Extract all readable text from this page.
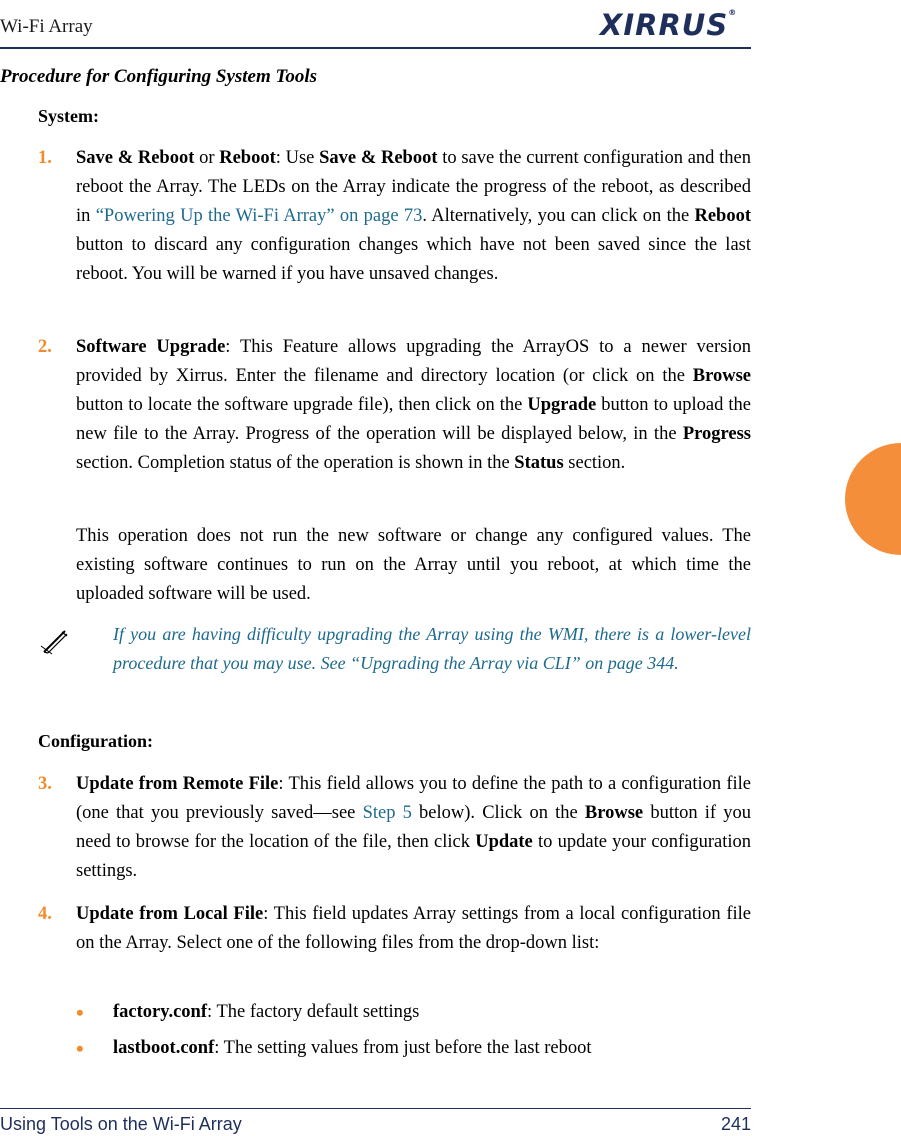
Wi-Fi Array	XIRRUS®
Procedure for Configuring System Tools
System:
1. Save & Reboot or Reboot: Use Save & Reboot to save the current configuration and then reboot the Array. The LEDs on the Array indicate the progress of the reboot, as described in “Powering Up the Wi-Fi Array” on page 73. Alternatively, you can click on the Reboot button to discard any configuration changes which have not been saved since the last reboot. You will be warned if you have unsaved changes.
2. Software Upgrade: This Feature allows upgrading the ArrayOS to a newer version provided by Xirrus. Enter the filename and directory location (or click on the Browse button to locate the software upgrade file), then click on the Upgrade button to upload the new file to the Array. Progress of the operation will be displayed below, in the Progress section. Completion status of the operation is shown in the Status section.
This operation does not run the new software or change any configured values. The existing software continues to run on the Array until you reboot, at which time the uploaded software will be used.
If you are having difficulty upgrading the Array using the WMI, there is a lower-level procedure that you may use. See “Upgrading the Array via CLI” on page 344.
Configuration:
3. Update from Remote File: This field allows you to define the path to a configuration file (one that you previously saved—see Step 5 below). Click on the Browse button if you need to browse for the location of the file, then click Update to update your configuration settings.
4. Update from Local File: This field updates Array settings from a local configuration file on the Array. Select one of the following files from the drop-down list:
• factory.conf: The factory default settings
• lastboot.conf: The setting values from just before the last reboot
Using Tools on the Wi-Fi Array	241
